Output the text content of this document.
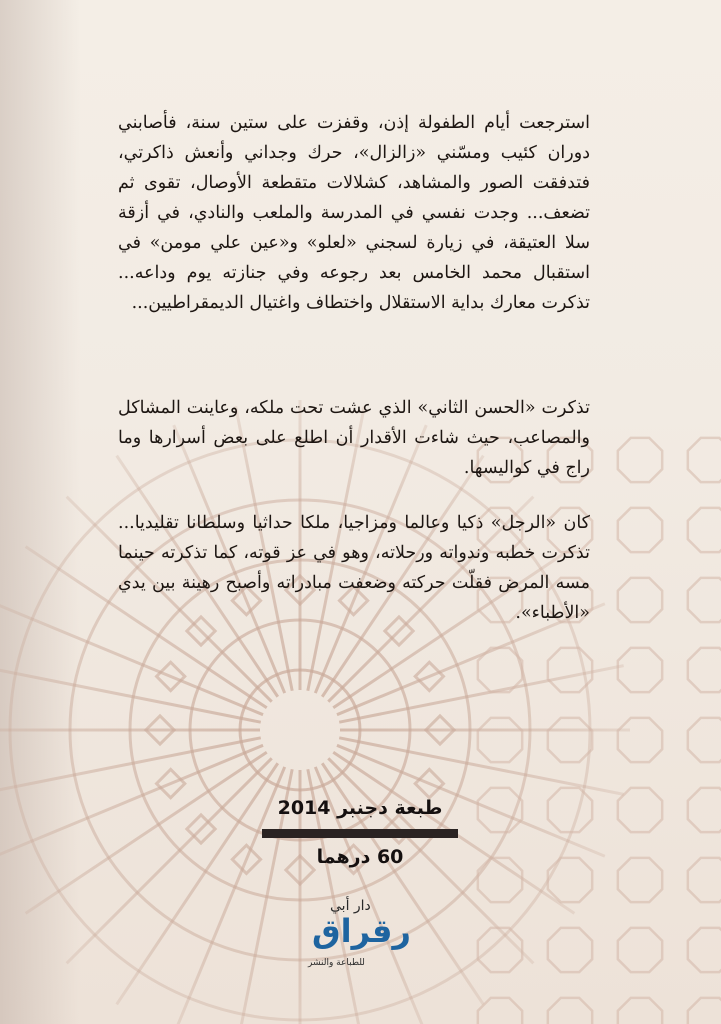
استرجعت أيام الطفولة إذن، وقفزت على ستين سنة، فأصابني دوران كئيب ومسّني «زالزال»، حرك وجداني وأنعش ذاكرتي، فتدفقت الصور والمشاهد، كشلالات متقطعة الأوصال، تقوى ثم تضعف... وجدت نفسي في المدرسة والملعب والنادي، في أزقة سلا العتيقة، في زيارة لسجني «لعلو» و«عين علي مومن» في استقبال محمد الخامس بعد رجوعه وفي جنازته يوم وداعه... تذكرت معارك بداية الاستقلال واختطاف واغتيال الديمقراطيين...
تذكرت «الحسن الثاني» الذي عشت تحت ملكه، وعاينت المشاكل والمصاعب، حيث شاءت الأقدار أن اطلع على بعض أسرارها وما راج في كواليسها.
كان «الرجل» ذكيا وعالما ومزاجيا، ملكا حداثيا وسلطانا تقليديا... تذكرت خطبه وندواته ورحلاته، وهو في عز قوته، كما تذكرته حينما مسه المرض فقلّت حركته وضعفت مبادراته وأصبح رهينة بين يدي «الأطباء».
طبعة دجنبر 2014
60 درهما
دار أبي
رقراق
للطباعة والنشر
